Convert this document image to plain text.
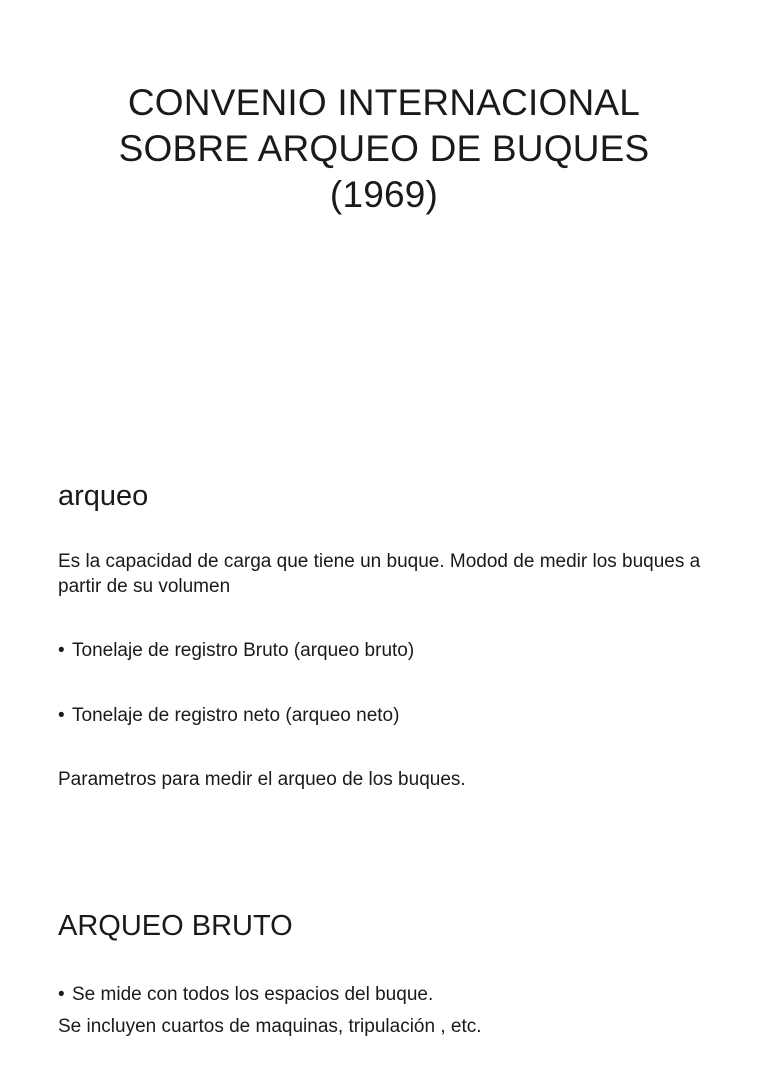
CONVENIO INTERNACIONAL
SOBRE ARQUEO DE BUQUES
(1969)
arqueo

Es la capacidad de carga que tiene un buque. Modod de medir los buques a partir de su volumen

• Tonelaje de registro Bruto (arqueo bruto)

• Tonelaje de registro neto (arqueo neto)

Parametros para medir el arqueo de los buques.

ARQUEO BRUTO

• Se mide con todos los espacios del buque.

Se incluyen cuartos de maquinas, tripulación , etc.
